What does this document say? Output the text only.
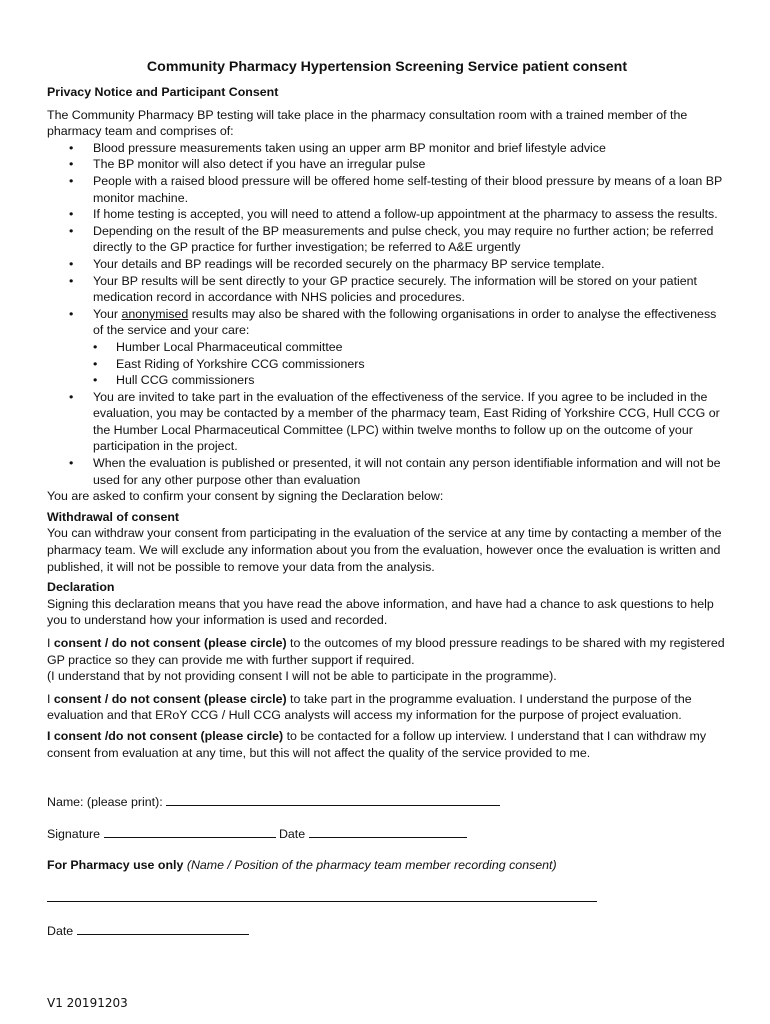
Community Pharmacy Hypertension Screening Service patient consent

Privacy Notice and Participant Consent

The Community Pharmacy BP testing will take place in the pharmacy consultation room with a trained member of the pharmacy team and comprises of:

• Blood pressure measurements taken using an upper arm BP monitor and brief lifestyle advice
• The BP monitor will also detect if you have an irregular pulse
• People with a raised blood pressure will be offered home self-testing of their blood pressure by means of a loan BP monitor machine.
• If home testing is accepted, you will need to attend a follow-up appointment at the pharmacy to assess the results.
• Depending on the result of the BP measurements and pulse check, you may require no further action; be referred directly to the GP practice for further investigation; be referred to A&E urgently
• Your details and BP readings will be recorded securely on the pharmacy BP service template.
• Your BP results will be sent directly to your GP practice securely. The information will be stored on your patient medication record in accordance with NHS policies and procedures.
• Your anonymised results may also be shared with the following organisations in order to analyse the effectiveness of the service and your care:
• Humber Local Pharmaceutical committee
• East Riding of Yorkshire CCG commissioners
• Hull CCG commissioners
• You are invited to take part in the evaluation of the effectiveness of the service. If you agree to be included in the evaluation, you may be contacted by a member of the pharmacy team, East Riding of Yorkshire CCG, Hull CCG or the Humber Local Pharmaceutical Committee (LPC) within twelve months to follow up on the outcome of your participation in the project.
• When the evaluation is published or presented, it will not contain any person identifiable information and will not be used for any other purpose other than evaluation

You are asked to confirm your consent by signing the Declaration below:

Withdrawal of consent

You can withdraw your consent from participating in the evaluation of the service at any time by contacting a member of the pharmacy team. We will exclude any information about you from the evaluation, however once the evaluation is written and published, it will not be possible to remove your data from the analysis.

Declaration

Signing this declaration means that you have read the above information, and have had a chance to ask questions to help you to understand how your information is used and recorded.

I consent / do not consent (please circle) to the outcomes of my blood pressure readings to be shared with my registered GP practice so they can provide me with further support if required.

(I understand that by not providing consent I will not be able to participate in the programme).

I consent / do not consent (please circle) to take part in the programme evaluation. I understand the purpose of the evaluation and that ERoY CCG / Hull CCG analysts will access my information for the purpose of project evaluation.

I consent /do not consent (please circle) to be contacted for a follow up interview. I understand that I can withdraw my consent from evaluation at any time, but this will not affect the quality of the service provided to me.

Name: (please print):
Signature	Date
For Pharmacy use only (Name / Position of the pharmacy team member recording consent)
Date
V1 20191203
